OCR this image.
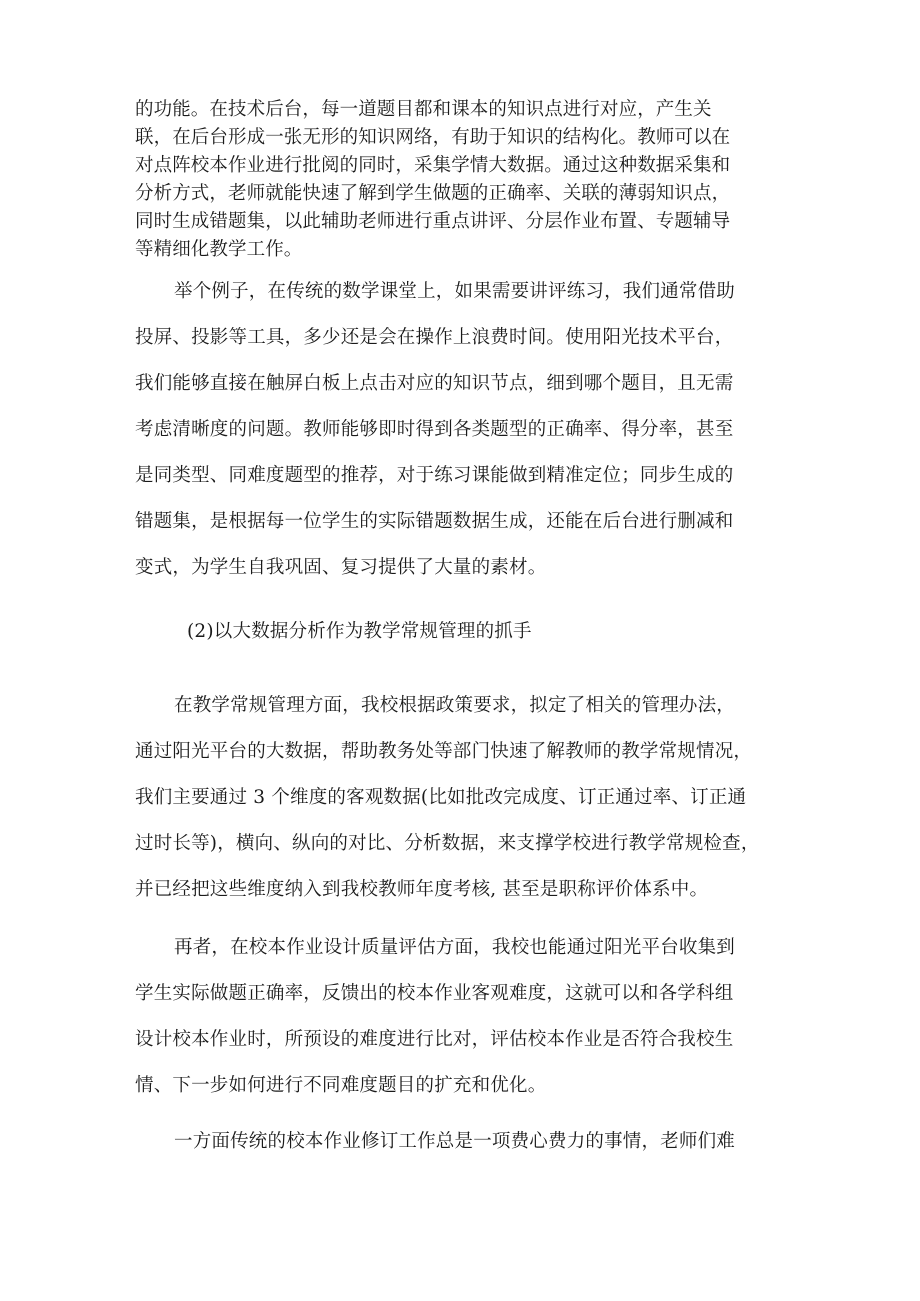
的功能。在技术后台，每一道题目都和课本的知识点进行对应，产生关
联，在后台形成一张无形的知识网络，有助于知识的结构化。教师可以在
对点阵校本作业进行批阅的同时，采集学情大数据。通过这种数据采集和
分析方式，老师就能快速了解到学生做题的正确率、关联的薄弱知识点，
同时生成错题集，以此辅助老师进行重点讲评、分层作业布置、专题辅导
等精细化教学工作。
举个例子，在传统的数学课堂上，如果需要讲评练习，我们通常借助
投屏、投影等工具，多少还是会在操作上浪费时间。使用阳光技术平台，
我们能够直接在触屏白板上点击对应的知识节点，细到哪个题目，且无需
考虑清晰度的问题。教师能够即时得到各类题型的正确率、得分率，甚至
是同类型、同难度题型的推荐，对于练习课能做到精准定位；同步生成的
错题集，是根据每一位学生的实际错题数据生成，还能在后台进行删减和
变式，为学生自我巩固、复习提供了大量的素材。
(2)以大数据分析作为教学常规管理的抓手
在教学常规管理方面，我校根据政策要求，拟定了相关的管理办法，
通过阳光平台的大数据，帮助教务处等部门快速了解教师的教学常规情况，
我们主要通过 3 个维度的客观数据(比如批改完成度、订正通过率、订正通
过时长等)，横向、纵向的对比、分析数据，来支撑学校进行教学常规检查，
并已经把这些维度纳入到我校教师年度考核, 甚至是职称评价体系中。
再者，在校本作业设计质量评估方面，我校也能通过阳光平台收集到
学生实际做题正确率，反馈出的校本作业客观难度，这就可以和各学科组
设计校本作业时，所预设的难度进行比对，评估校本作业是否符合我校生
情、下一步如何进行不同难度题目的扩充和优化。
一方面传统的校本作业修订工作总是一项费心费力的事情，老师们难
